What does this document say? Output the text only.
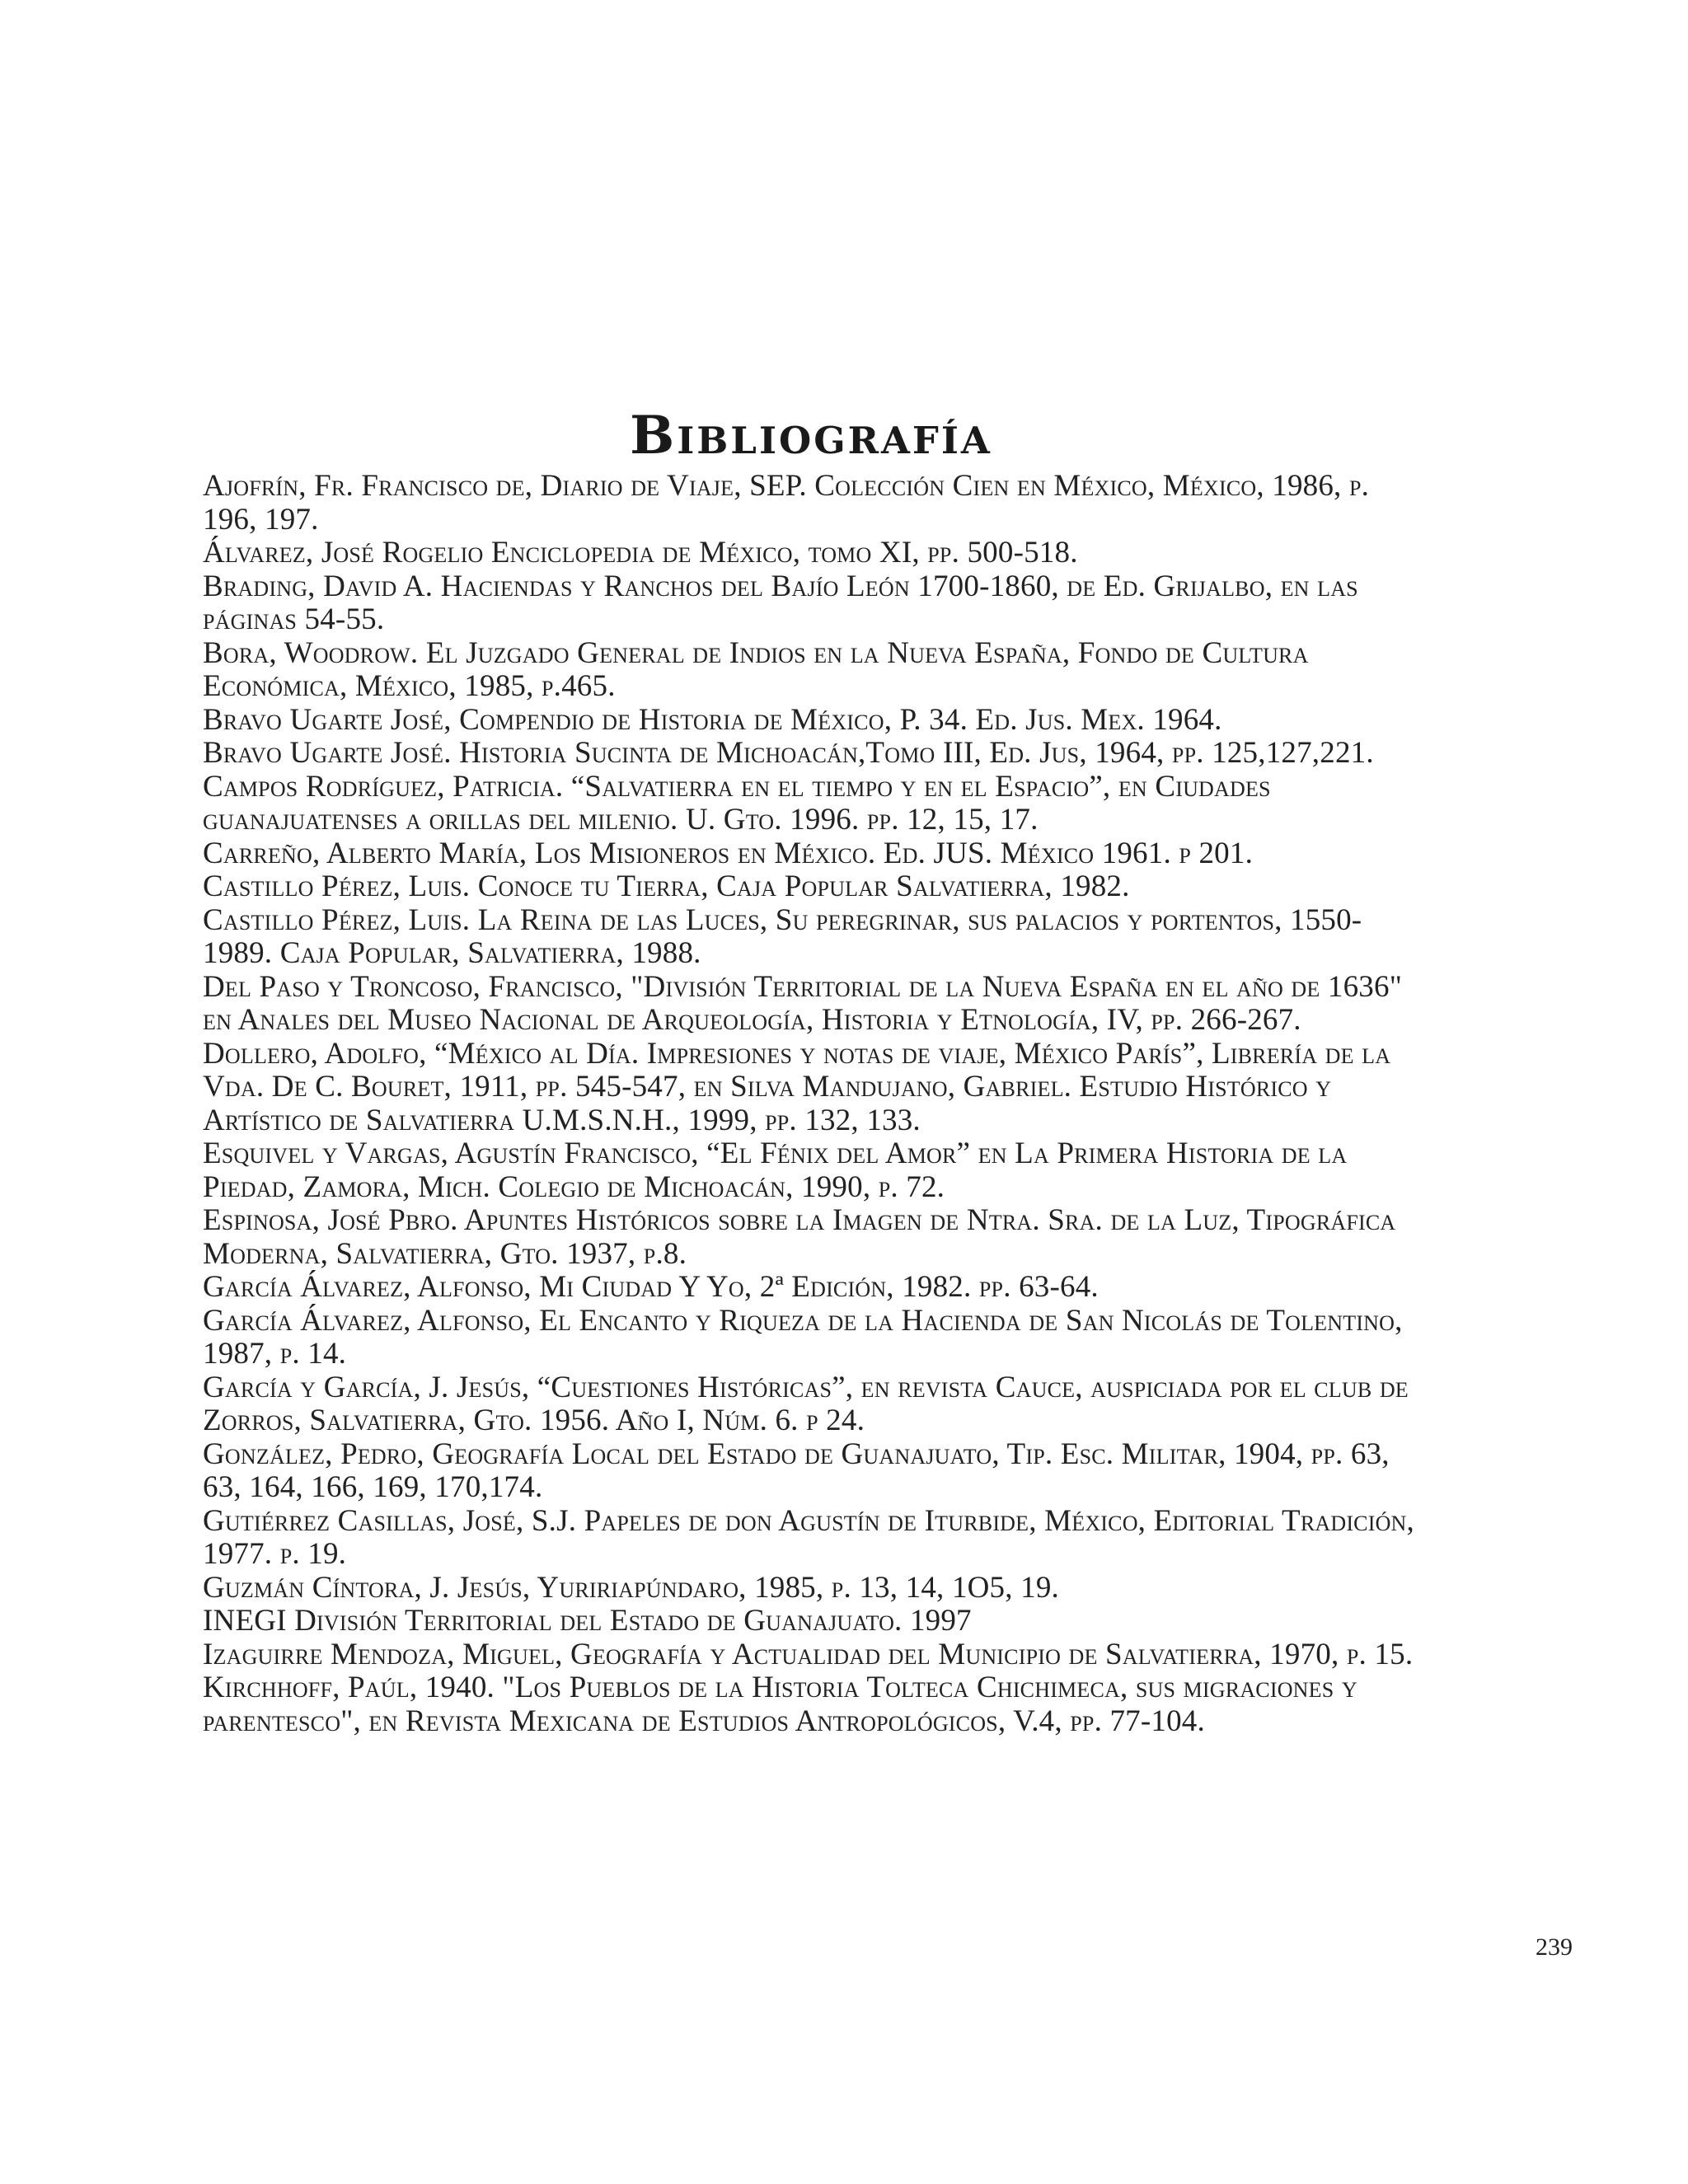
Bibliografía
Ajofrín, Fr. Francisco de, Diario de Viaje, SEP. Colección Cien en México, México, 1986, p. 196, 197.
Álvarez, José Rogelio Enciclopedia de México, tomo XI, pp. 500-518.
Brading, David A. Haciendas y Ranchos del Bajío León 1700-1860, de Ed. Grijalbo, en las páginas 54-55.
Bora, Woodrow. El Juzgado General de Indios en la Nueva España, Fondo de Cultura Económica, México, 1985, p.465.
Bravo Ugarte José, Compendio de Historia de México, P. 34. Ed. Jus. Mex. 1964.
Bravo Ugarte José. Historia Sucinta de Michoacán,Tomo III, Ed. Jus, 1964, pp. 125,127,221.
Campos Rodríguez, Patricia. “Salvatierra en el tiempo y en el Espacio”, en Ciudades guanajuatenses a orillas del milenio. U. Gto. 1996. pp. 12, 15, 17.
Carreño, Alberto María, Los Misioneros en México. Ed. JUS. México 1961. p 201.
Castillo Pérez, Luis. Conoce tu Tierra, Caja Popular Salvatierra, 1982.
Castillo Pérez, Luis. La Reina de las Luces, Su peregrinar, sus palacios y portentos, 1550-1989. Caja Popular, Salvatierra, 1988.
Del Paso y Troncoso, Francisco, "División Territorial de la Nueva España en el año de 1636" en Anales del Museo Nacional de Arqueología, Historia y Etnología, IV, pp. 266-267.
Dollero, Adolfo, “México al Día. Impresiones y notas de viaje, México París”, Librería de la Vda. De C. Bouret, 1911, pp. 545-547, en Silva Mandujano, Gabriel. Estudio Histórico y Artístico de Salvatierra U.M.S.N.H., 1999, pp. 132, 133.
Esquivel y Vargas, Agustín Francisco, “El Fénix del Amor” en La Primera Historia de la Piedad, Zamora, Mich. Colegio de Michoacán, 1990, p. 72.
Espinosa, José Pbro. Apuntes Históricos sobre la Imagen de Ntra. Sra. de la Luz, Tipográfica Moderna, Salvatierra, Gto. 1937, p.8.
García Álvarez, Alfonso, Mi Ciudad Y Yo, 2ª Edición, 1982. pp. 63-64.
García Álvarez, Alfonso, El Encanto y Riqueza de la Hacienda de San Nicolás de Tolentino, 1987, p. 14.
García y García, J. Jesús, “Cuestiones Históricas”, en revista Cauce, auspiciada por el club de Zorros, Salvatierra, Gto. 1956. Año I, Núm. 6. p 24.
González, Pedro, Geografía Local del Estado de Guanajuato, Tip. Esc. Militar, 1904, pp. 63, 63, 164, 166, 169, 170,174.
Gutiérrez Casillas, José, S.J. Papeles de don Agustín de Iturbide, México, Editorial Tradición, 1977. p. 19.
Guzmán Cíntora, J. Jesús, Yuririapúndaro, 1985, p. 13, 14, 1O5, 19.
INEGI División Territorial del Estado de Guanajuato. 1997
Izaguirre Mendoza, Miguel, Geografía y Actualidad del Municipio de Salvatierra, 1970, p. 15.
Kirchhoff, Paúl, 1940. "Los Pueblos de la Historia Tolteca Chichimeca, sus migraciones y parentesco", en Revista Mexicana de Estudios Antropológicos, V.4, pp. 77-104.
239
